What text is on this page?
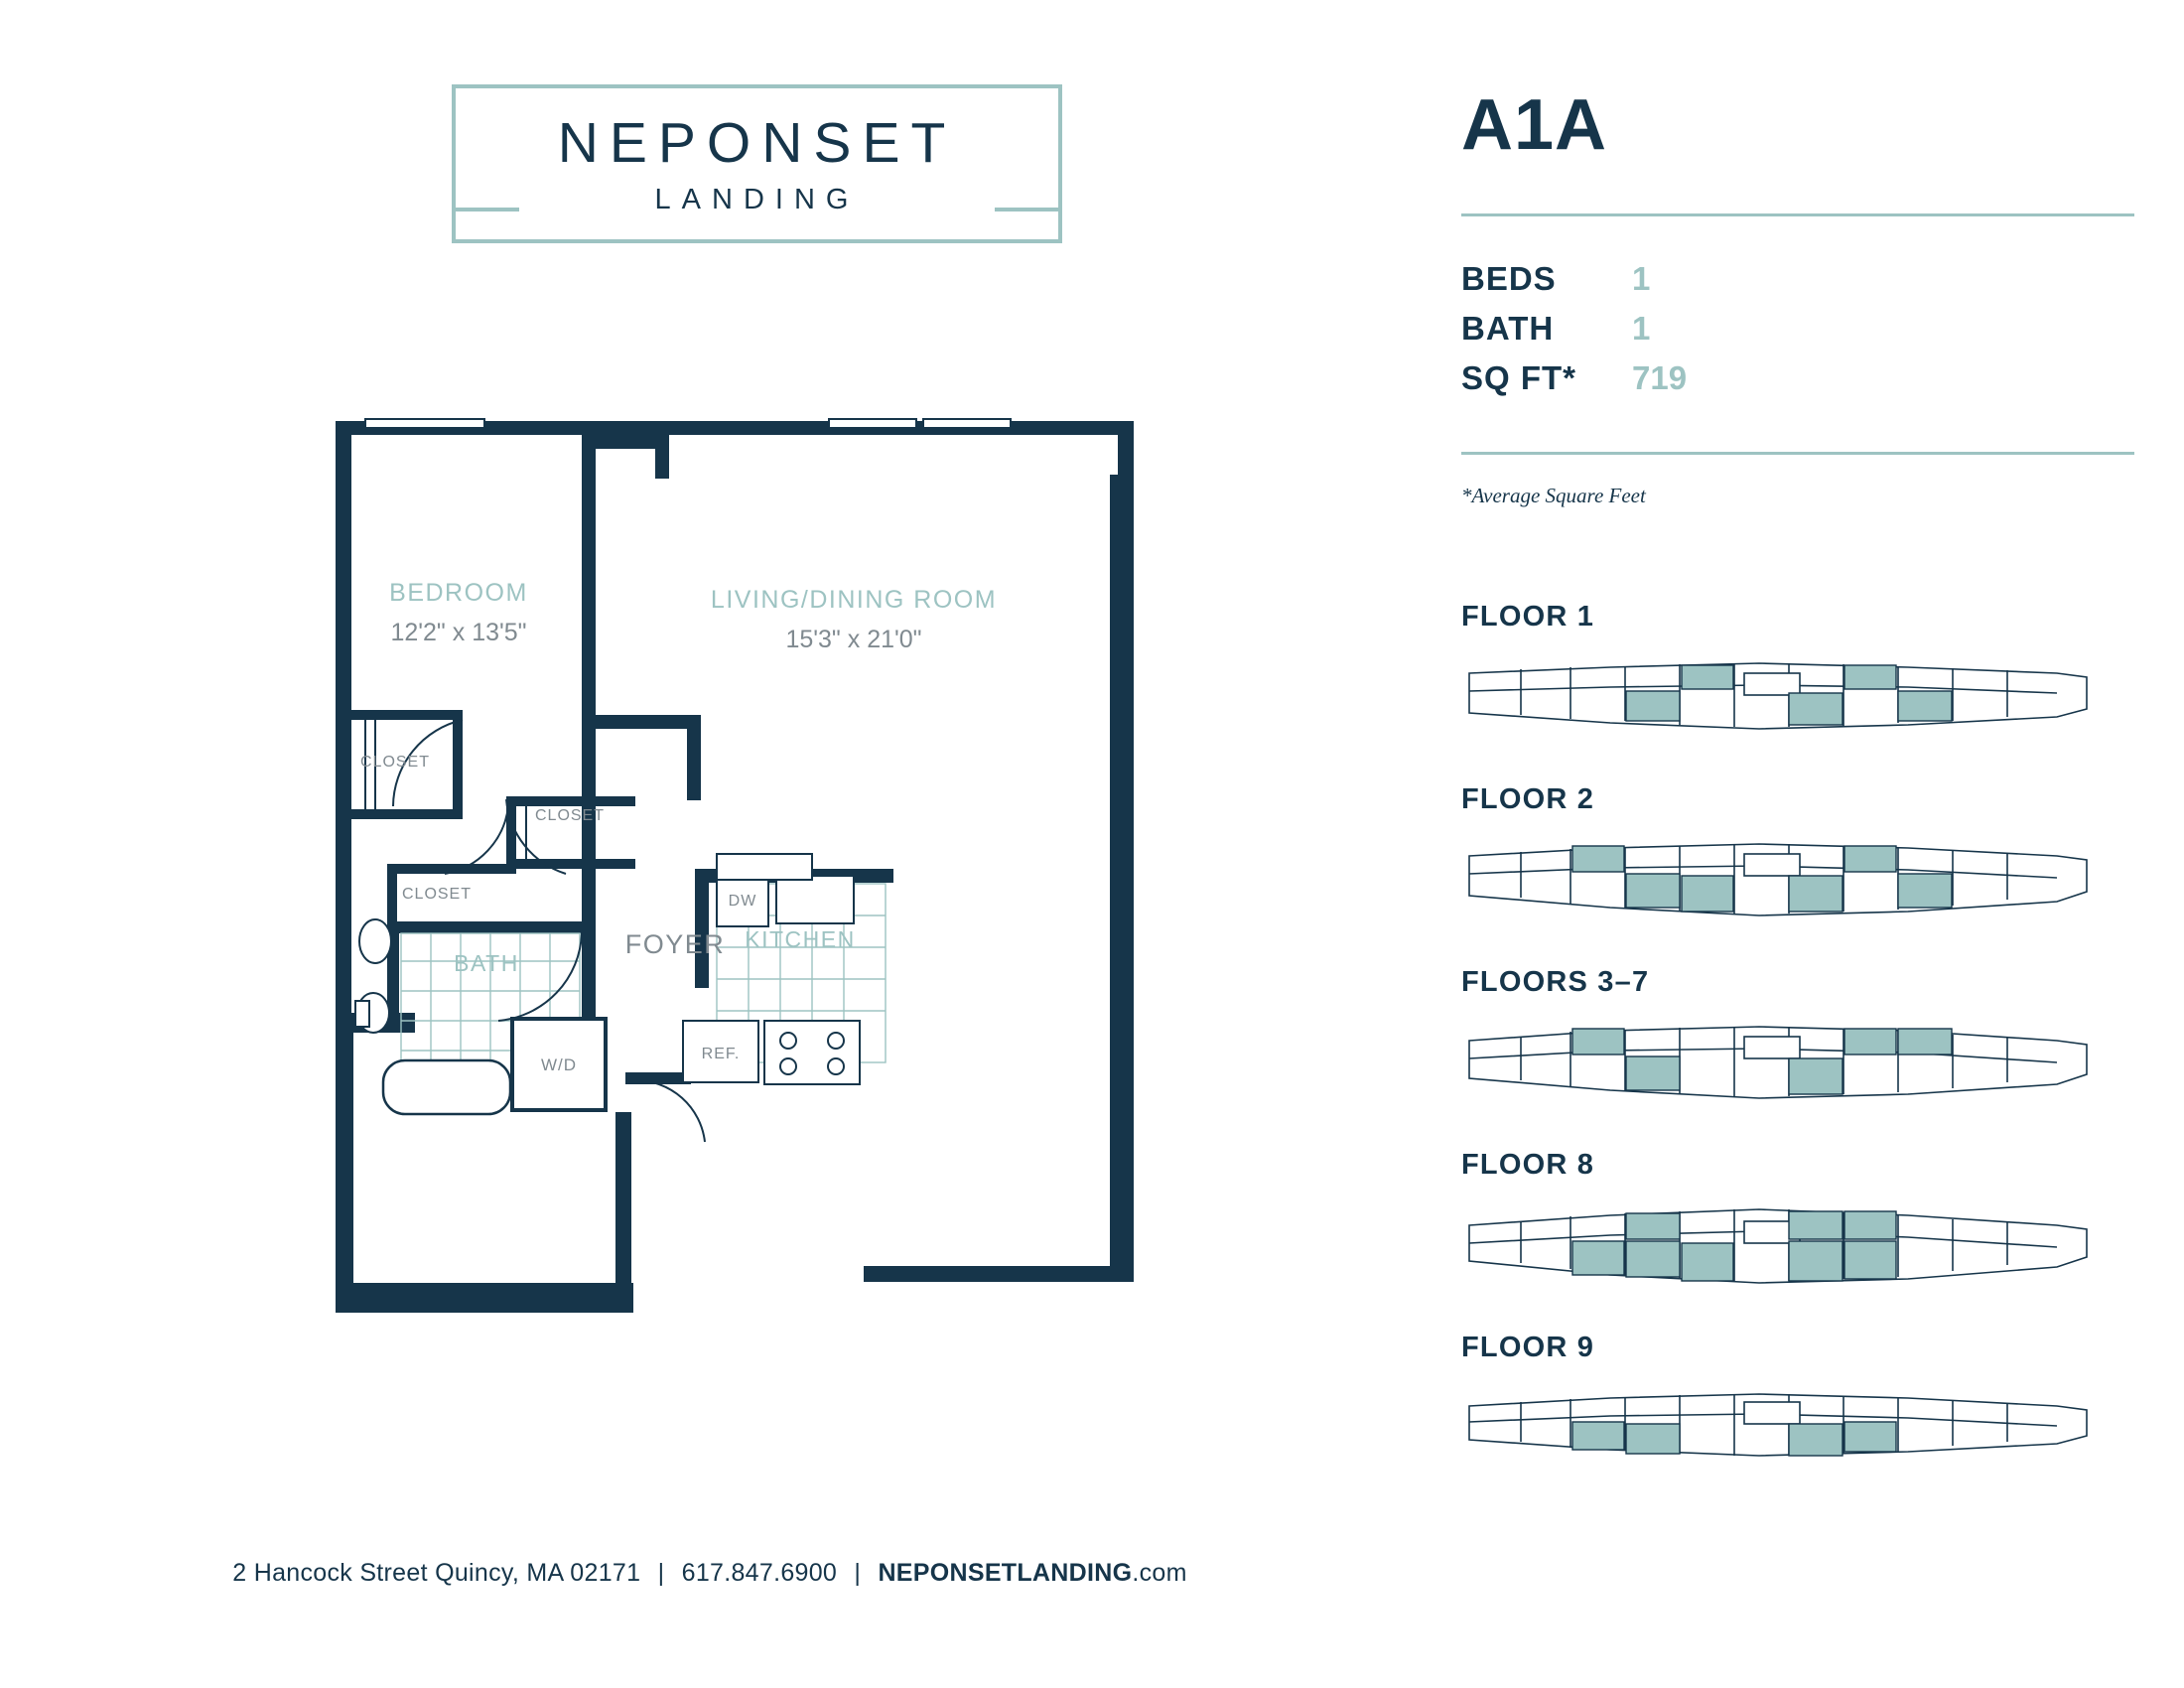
NEPONSET
LANDING
BEDROOM
12'2" x 13'5"
LIVING/DINING ROOM
15'3" x 21'0"
BATH
KITCHEN
FOYER
CLOSET
CLOSET
CLOSET
W/D
DW
REF.
2 Hancock Street Quincy, MA 02171 | 617.847.6900 | NEPONSETLANDING.com
A1A
BEDS	1
BATH	1
SQ FT*	719
*Average Square Feet
FLOOR 1
FLOOR 2
FLOORS 3–7
FLOOR 8
FLOOR 9
